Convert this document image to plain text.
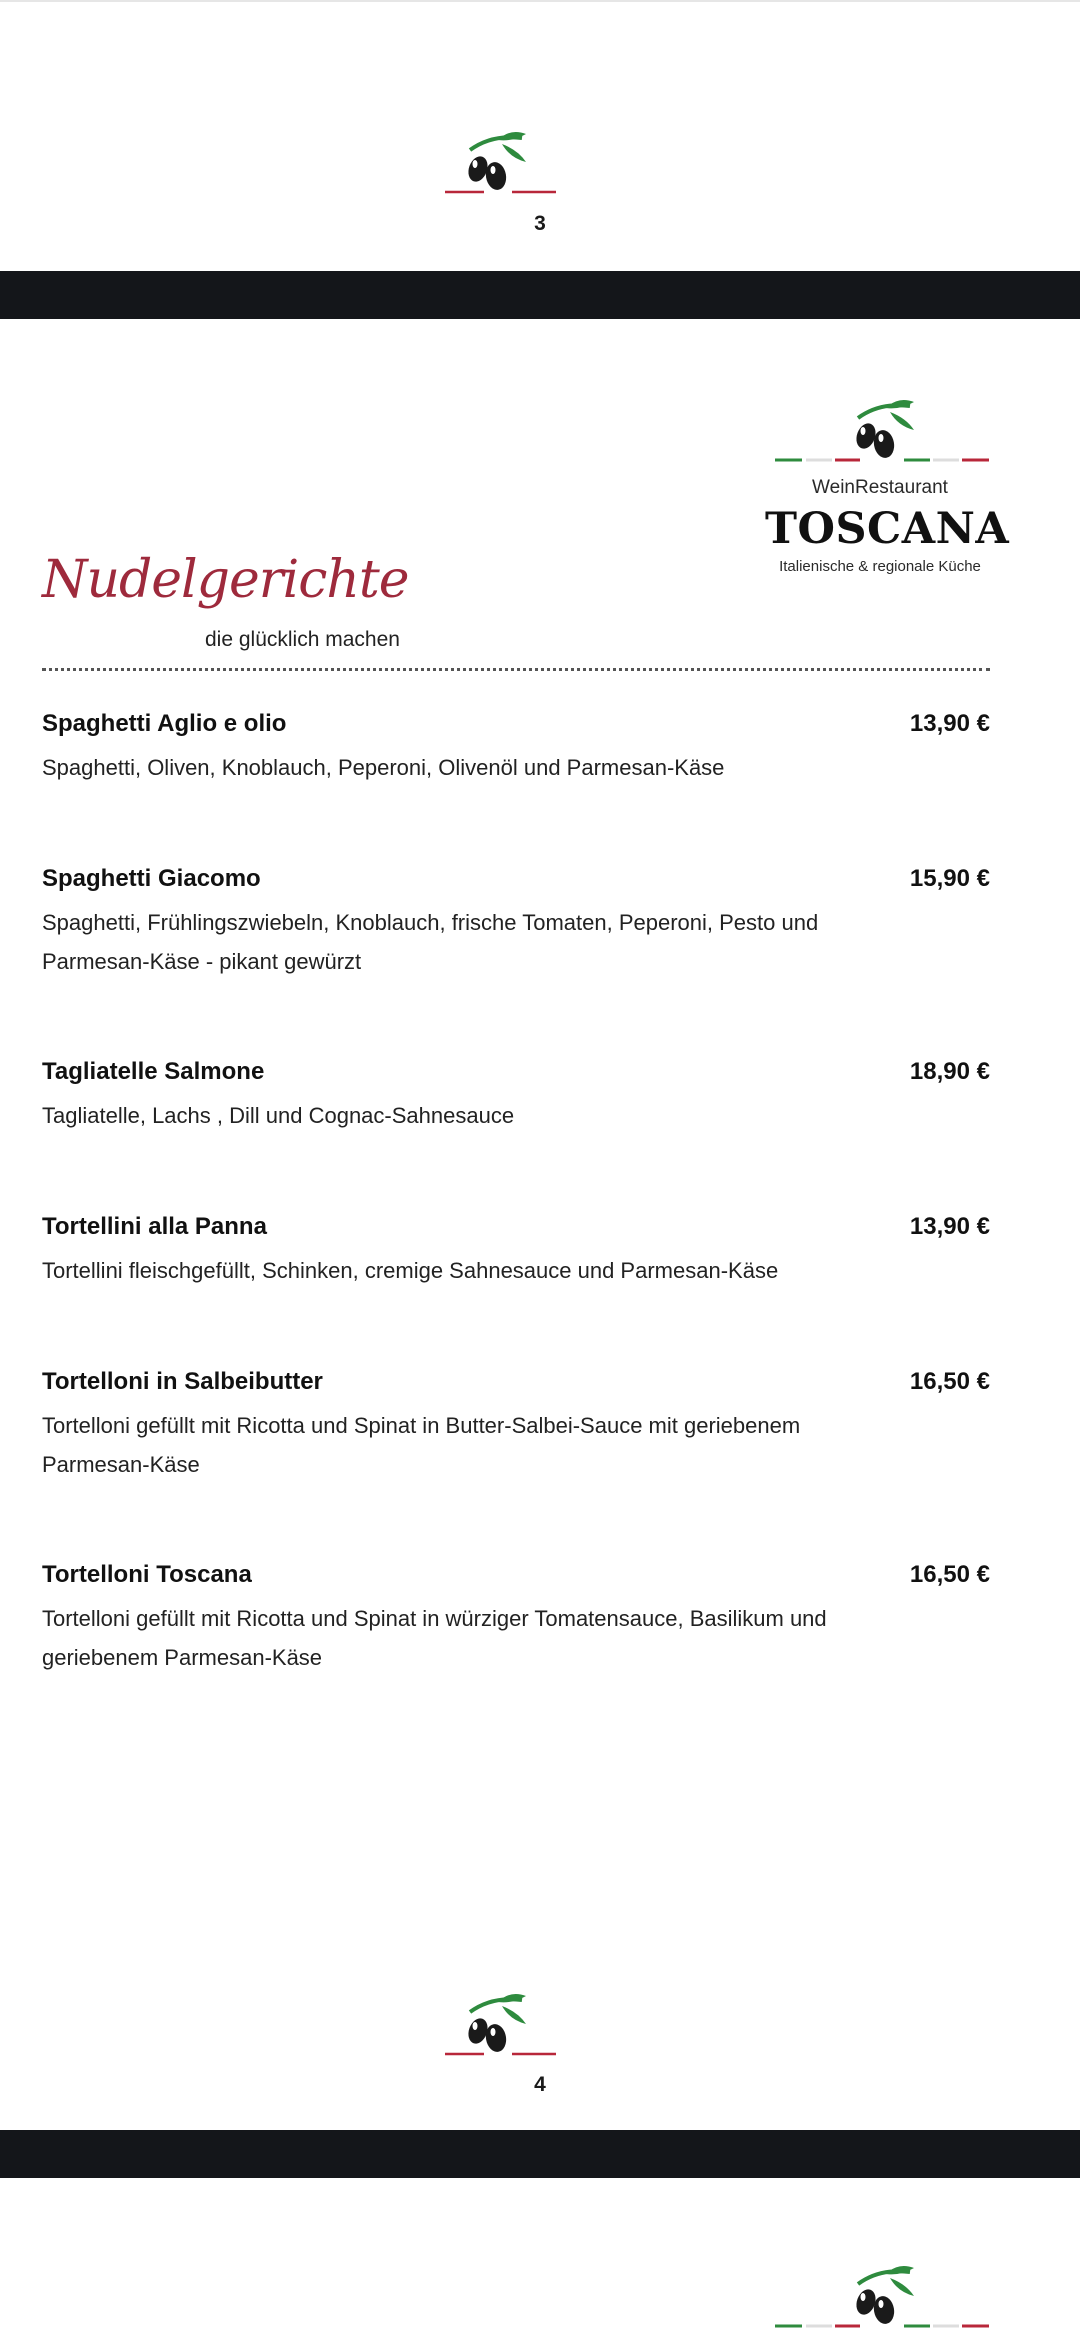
3
WeinRestaurant
TOSCANA
Italienische & regionale Küche
Nudelgerichte
die glücklich machen
Spaghetti Aglio e olio	13,90 €
Spaghetti, Oliven, Knoblauch, Peperoni, Olivenöl und Parmesan-Käse
Spaghetti Giacomo	15,90 €
Spaghetti, Frühlingszwiebeln, Knoblauch, frische Tomaten, Peperoni, Pesto und Parmesan-Käse - pikant gewürzt
Tagliatelle Salmone	18,90 €
Tagliatelle, Lachs , Dill und Cognac-Sahnesauce
Tortellini alla Panna	13,90 €
Tortellini fleischgefüllt, Schinken, cremige Sahnesauce und Parmesan-Käse
Tortelloni in Salbeibutter	16,50 €
Tortelloni gefüllt mit Ricotta und Spinat in Butter-Salbei-Sauce mit geriebenem Parmesan-Käse
Tortelloni Toscana	16,50 €
Tortelloni gefüllt mit Ricotta und Spinat in würziger Tomatensauce, Basilikum und geriebenem Parmesan-Käse
4
